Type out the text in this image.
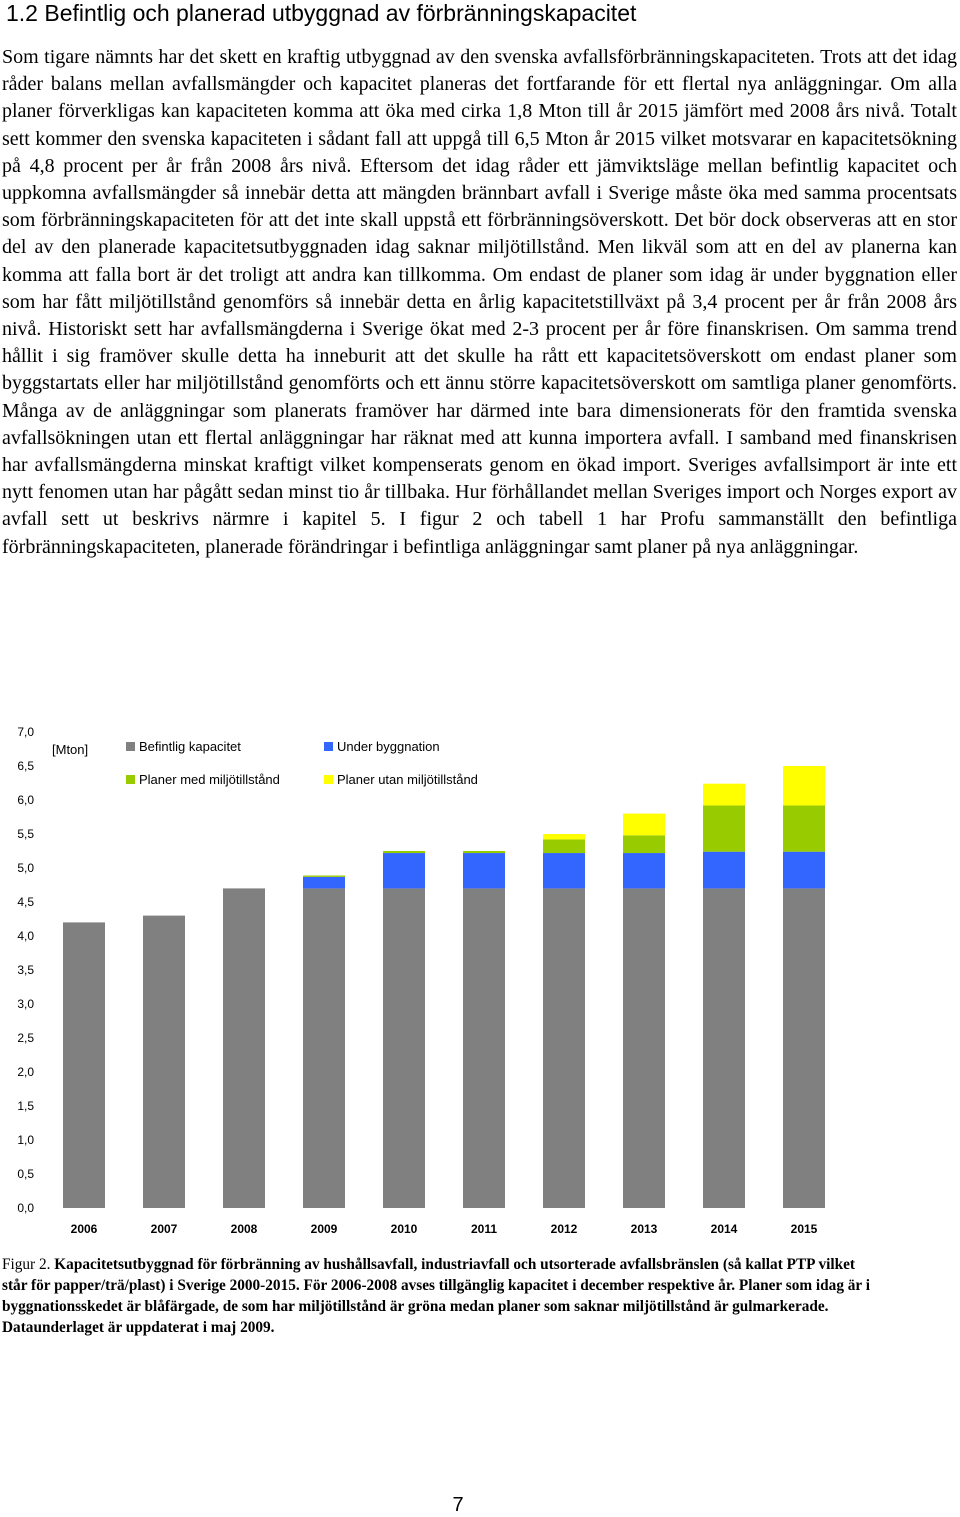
1.2 Befintlig och planerad utbyggnad av förbränningskapacitet

Som tigare nämnts har det skett en kraftig utbyggnad av den svenska avfallsförbränningskapaciteten. Trots att det idag råder balans mellan avfallsmängder och kapacitet planeras det fortfarande för ett flertal nya anläggningar. Om alla planer förverkligas kan kapaciteten komma att öka med cirka 1,8 Mton till år 2015 jämfört med 2008 års nivå. Totalt sett kommer den svenska kapaciteten i sådant fall att uppgå till 6,5 Mton år 2015 vilket motsvarar en kapacitetsökning på 4,8 procent per år från 2008 års nivå. Eftersom det idag råder ett jämviktsläge mellan befintlig kapacitet och uppkomna avfallsmängder så innebär detta att mängden brännbart avfall i Sverige måste öka med samma procentsats som förbränningskapaciteten för att det inte skall uppstå ett förbränningsöverskott. Det bör dock observeras att en stor del av den planerade kapacitetsutbyggnaden idag saknar miljötillstånd. Men likväl som att en del av planerna kan komma att falla bort är det troligt att andra kan tillkomma. Om endast de planer som idag är under byggnation eller som har fått miljötillstånd genomförs så innebär detta en årlig kapacitetstillväxt på 3,4 procent per år från 2008 års nivå. Historiskt sett har avfallsmängderna i Sverige ökat med 2-3 procent per år före finanskrisen. Om samma trend hållit i sig framöver skulle detta ha inneburit att det skulle ha rått ett kapacitetsöverskott om endast planer som byggstartats eller har miljötillstånd genomförts och ett ännu större kapacitetsöverskott om samtliga planer genomförts. Många av de anläggningar som planerats framöver har därmed inte bara dimensionerats för den framtida svenska avfallsökningen utan ett flertal anläggningar har räknat med att kunna importera avfall. I samband med finanskrisen har avfallsmängderna minskat kraftigt vilket kompenserats genom en ökad import. Sveriges avfallsimport är inte ett nytt fenomen utan har pågått sedan minst tio år tillbaka. Hur förhållandet mellan Sveriges import och Norges export av avfall sett ut beskrivs närmre i kapitel 5. I figur 2 och tabell 1 har Profu sammanställt den befintliga förbränningskapaciteten, planerade förändringar i befintliga anläggningar samt planer på nya anläggningar.

0,0
0,5
1,0
1,5
2,0
2,5
3,0
3,5
4,0
4,5
5,0
5,5
6,0
6,5
7,0
2006	2007	2008	2009	2010	2011	2012	2013	2014	2015
[Mton]	Befintlig kapacitet	Under byggnation
Planer med miljötillstånd	Planer utan miljötillstånd

Figur 2. Kapacitetsutbyggnad för förbränning av hushållsavfall, industriavfall och utsorterade avfallsbränslen (så kallat PTP vilket står för papper/trä/plast) i Sverige 2000-2015. För 2006-2008 avses tillgänglig kapacitet i december respektive år. Planer som idag är i byggnationsskedet är blåfärgade, de som har miljötillstånd är gröna medan planer som saknar miljötillstånd är gulmarkerade. Dataunderlaget är uppdaterat i maj 2009.

7
